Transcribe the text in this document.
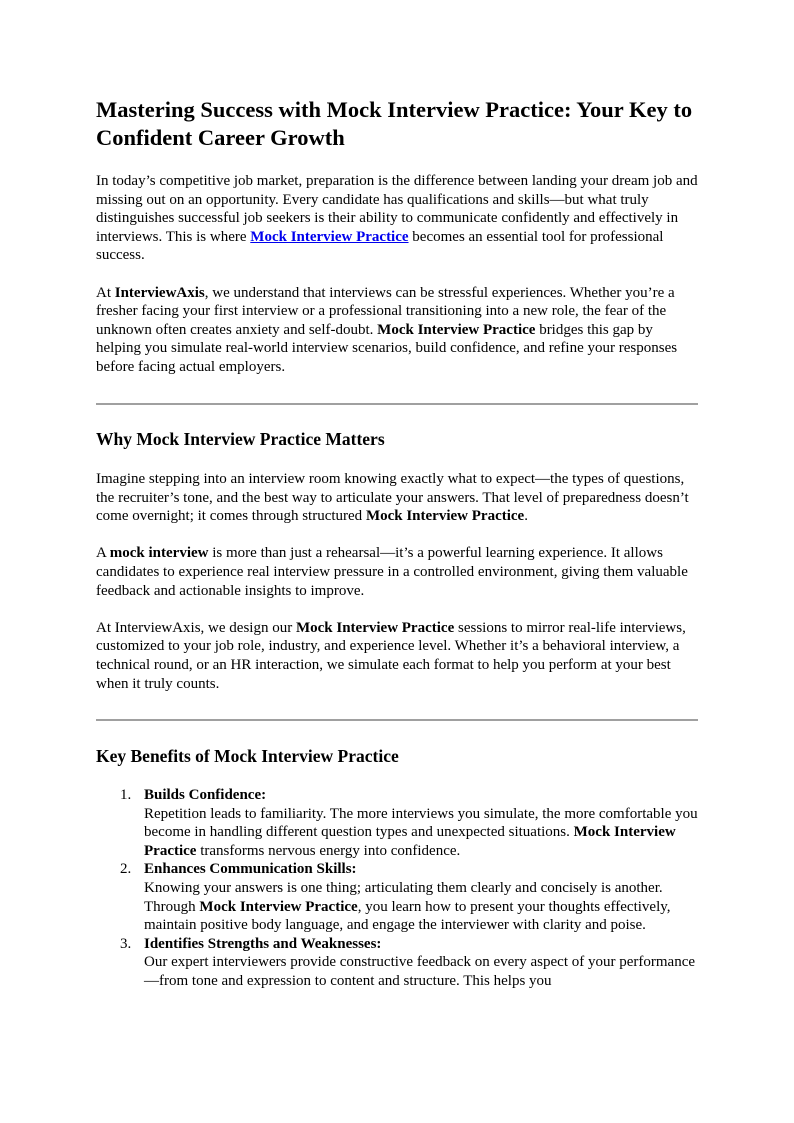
Mastering Success with Mock Interview Practice: Your Key to Confident Career Growth

In today’s competitive job market, preparation is the difference between landing your dream job and missing out on an opportunity. Every candidate has qualifications and skills—but what truly distinguishes successful job seekers is their ability to communicate confidently and effectively in interviews. This is where Mock Interview Practice becomes an essential tool for professional success.

At InterviewAxis, we understand that interviews can be stressful experiences. Whether you’re a fresher facing your first interview or a professional transitioning into a new role, the fear of the unknown often creates anxiety and self-doubt. Mock Interview Practice bridges this gap by helping you simulate real-world interview scenarios, build confidence, and refine your responses before facing actual employers.

Why Mock Interview Practice Matters

Imagine stepping into an interview room knowing exactly what to expect—the types of questions, the recruiter’s tone, and the best way to articulate your answers. That level of preparedness doesn’t come overnight; it comes through structured Mock Interview Practice.

A mock interview is more than just a rehearsal—it’s a powerful learning experience. It allows candidates to experience real interview pressure in a controlled environment, giving them valuable feedback and actionable insights to improve.

At InterviewAxis, we design our Mock Interview Practice sessions to mirror real-life interviews, customized to your job role, industry, and experience level. Whether it’s a behavioral interview, a technical round, or an HR interaction, we simulate each format to help you perform at your best when it truly counts.

Key Benefits of Mock Interview Practice
1. Builds Confidence:
Repetition leads to familiarity. The more interviews you simulate, the more comfortable you become in handling different question types and unexpected situations. Mock Interview Practice transforms nervous energy into confidence.
2. Enhances Communication Skills:
Knowing your answers is one thing; articulating them clearly and concisely is another. Through Mock Interview Practice, you learn how to present your thoughts effectively, maintain positive body language, and engage the interviewer with clarity and poise.
3. Identifies Strengths and Weaknesses:
Our expert interviewers provide constructive feedback on every aspect of your performance—from tone and expression to content and structure. This helps you
